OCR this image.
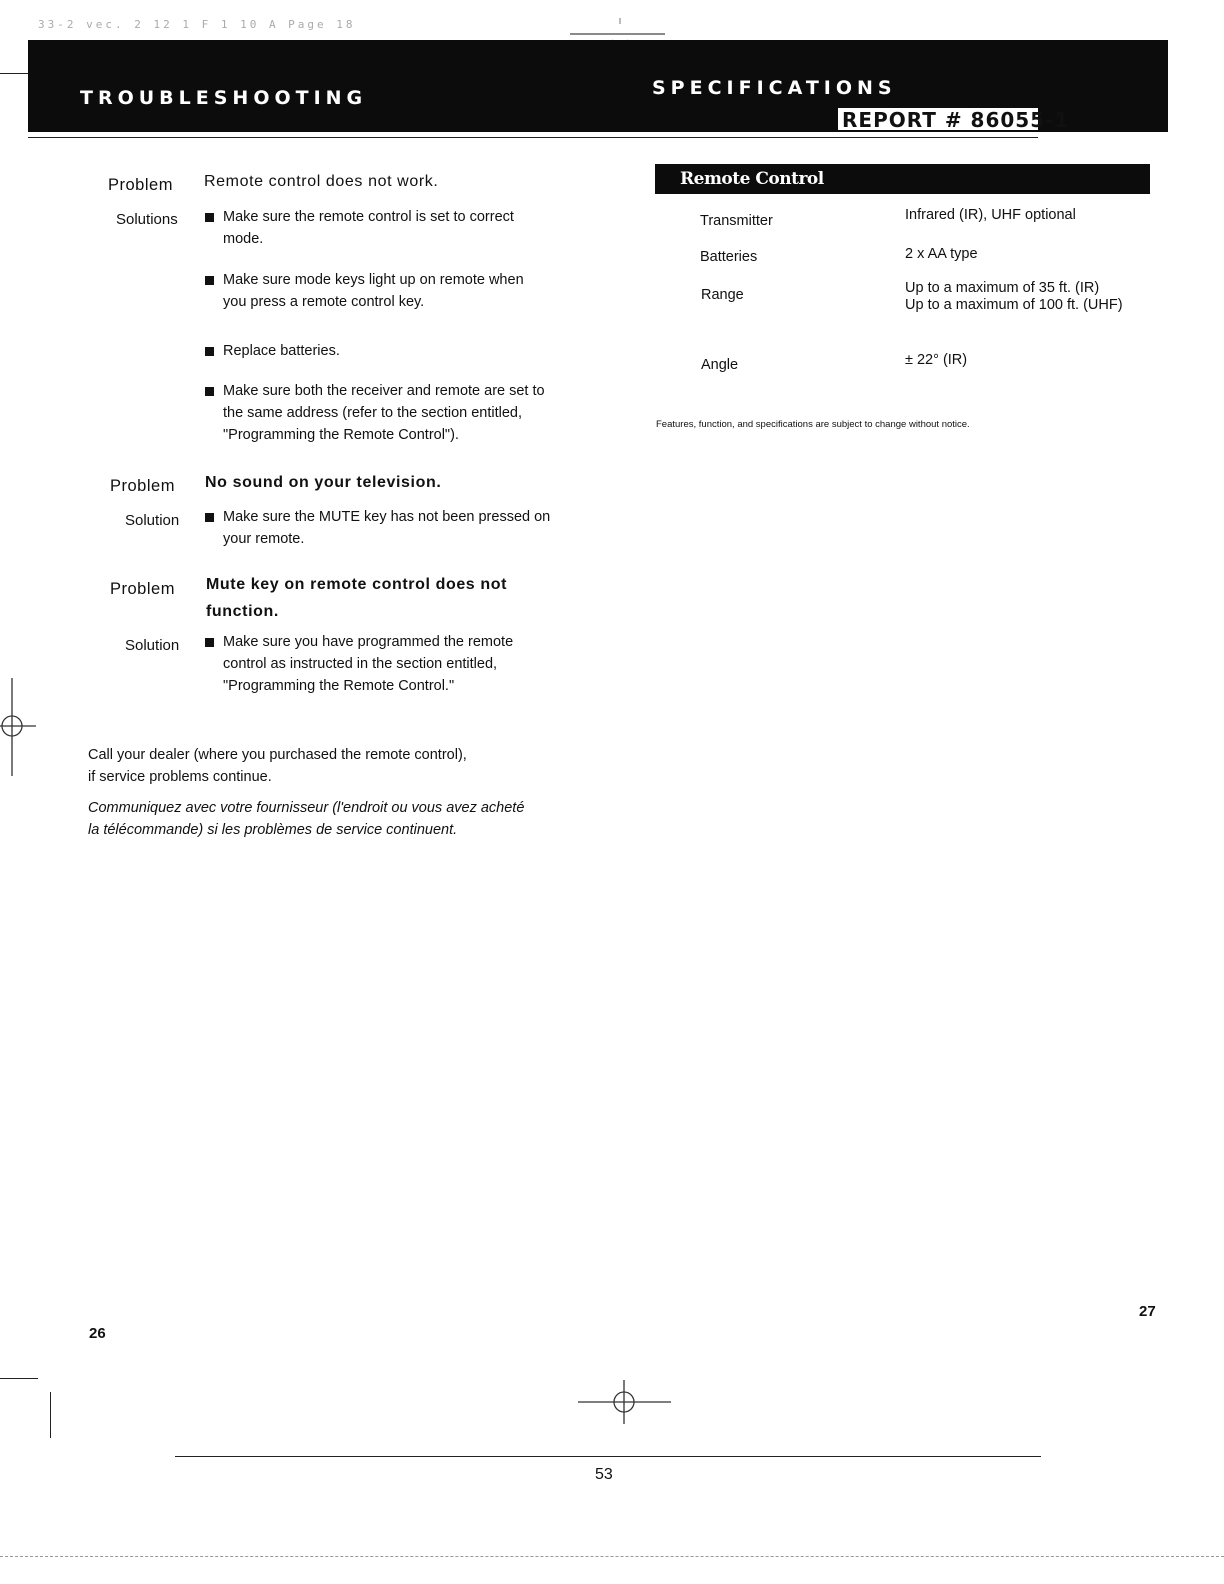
33-2 vec. 2 12 1 F 1 10 A Page 18
TROUBLESHOOTING	SPECIFICATIONS
REPORT # 86055-1
Problem Remote control does not work.
Solutions	Make sure the remote control is set to correct
mode.
Make sure mode keys light up on remote when
you press a remote control key.
Replace batteries.
Make sure both the receiver and remote are set to
the same address (refer to the section entitled,
"Programming the Remote Control").
Problem No sound on your television.
Solution	Make sure the MUTE key has not been pressed on
your remote.
Problem Mute key on remote control does not
function.
Solution	Make sure you have programmed the remote
control as instructed in the section entitled,
"Programming the Remote Control."
Call your dealer (where you purchased the remote control),
if service problems continue.
Communiquez avec votre fournisseur (l'endroit ou vous avez acheté
la télécommande) si les problèmes de service continuent.
Remote Control
Transmitter	Infrared (IR), UHF optional
Batteries	2 x AA type
Range	Up to a maximum of 35 ft. (IR)
Up to a maximum of 100 ft. (UHF)
Angle	± 22° (IR)
Features, function, and specifications are subject to change without notice.
26
27
53
